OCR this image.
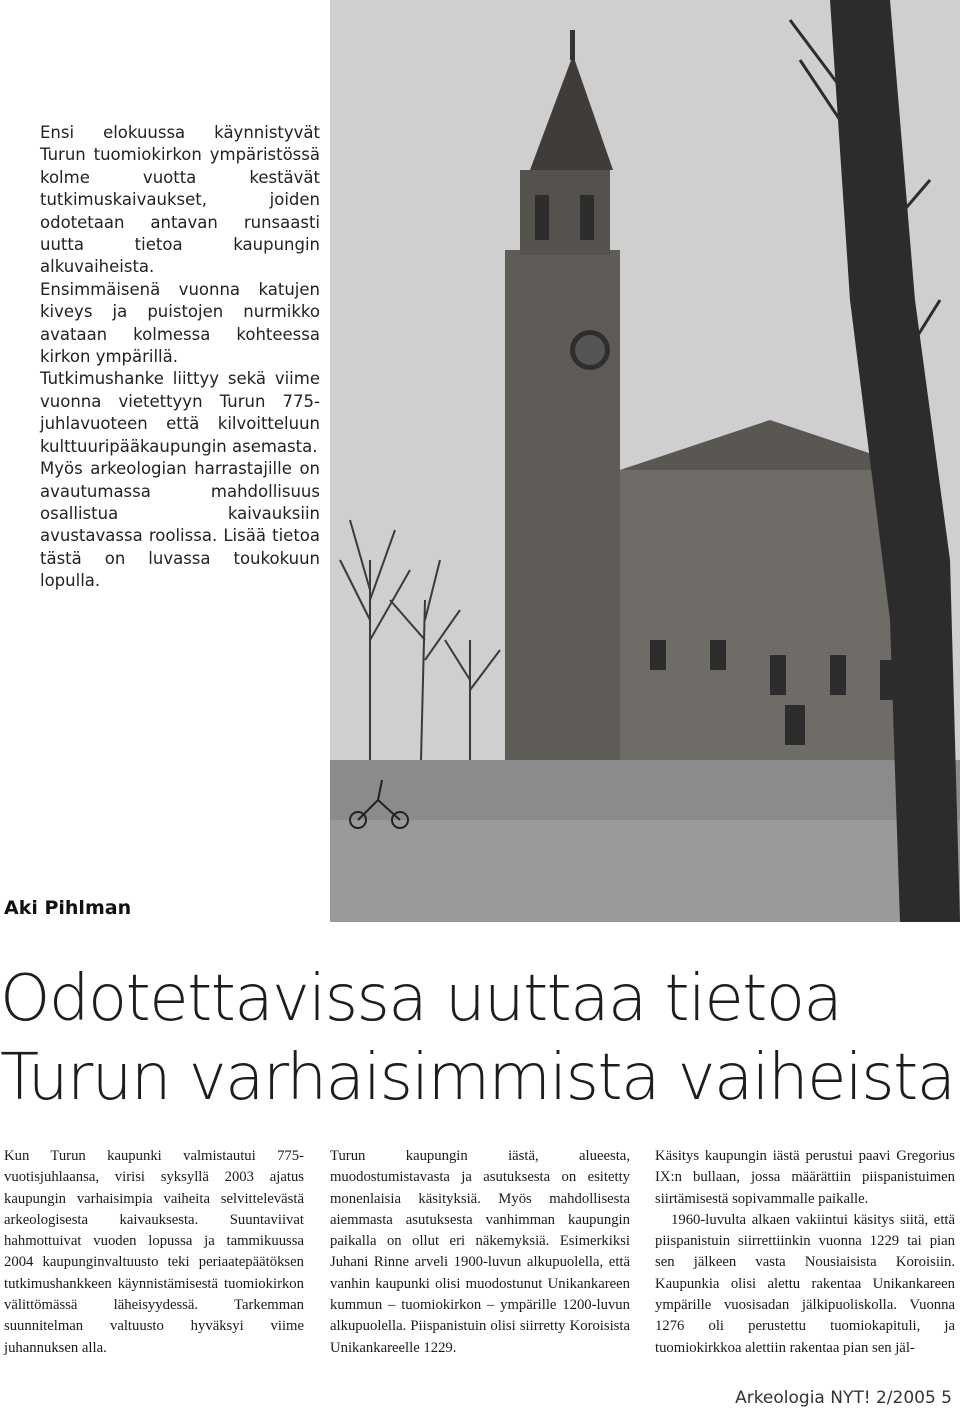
Ensi elokuussa käynnistyvät Turun tuomiokirkon ympäristössä kolme vuotta kestävät tutkimuskaivaukset, joiden odotetaan antavan runsaasti uutta tietoa kaupungin alkuvaiheista.

Ensimmäisenä vuonna katujen kiveys ja puistojen nurmikko avataan kolmessa kohteessa kirkon ympärillä.

Tutkimushanke liittyy sekä viime vuonna vietettyyn Turun 775-juhlavuoteen että kilvoitteluun kulttuuripääkaupungin asemasta.

Myös arkeologian harrastajille on avautumassa mahdollisuus osallistua kaivauksiin avustavassa roolissa. Lisää tietoa tästä on luvassa toukokuun lopulla.

Aki Pihlman
Odotettavissa uuttaa tietoa
Turun varhaisimmista vaiheista

Kun Turun kaupunki valmistautui 775-vuotisjuhlaansa, virisi syksyllä 2003 ajatus kaupungin varhaisimpia vaiheita selvittelevästä arkeologisesta kaivauksesta. Suuntaviivat hahmottuivat vuoden lopussa ja tammikuussa 2004 kaupunginvaltuusto teki periaatepäätöksen tutkimushankkeen käynnistämisestä tuomiokirkon välittömässä läheisyydessä. Tarkemman suunnitelman valtuusto hyväksyi viime juhannuksen alla.

Turun kaupungin iästä, alueesta, muodostumistavasta ja asutuksesta on esitetty monenlaisia käsityksiä. Myös mahdollisesta aiemmasta asutuksesta vanhimman kaupungin paikalla on ollut eri näkemyksiä. Esimerkiksi Juhani Rinne arveli 1900-luvun alkupuolella, että vanhin kaupunki olisi muodostunut Unikankareen kummun – tuomiokirkon – ympärille 1200-luvun alkupuolella. Piispanistuin olisi siirretty Koroisista Unikankareelle 1229.

Käsitys kaupungin iästä perustui paavi Gregorius IX:n bullaan, jossa määrättiin piispanistuimen siirtämisestä sopivammalle paikalle.

1960-luvulta alkaen vakiintui käsitys siitä, että piispanistuin siirrettiinkin vuonna 1229 tai pian sen jälkeen vasta Nousiaisista Koroisiin. Kaupunkia olisi alettu rakentaa Unikankareen ympärille vuosisadan jälkipuoliskolla. Vuonna 1276 oli perustettu tuomiokapituli, ja tuomiokirkkoa alettiin rakentaa pian sen jäl-

Arkeologia NYT! 2/2005 5
